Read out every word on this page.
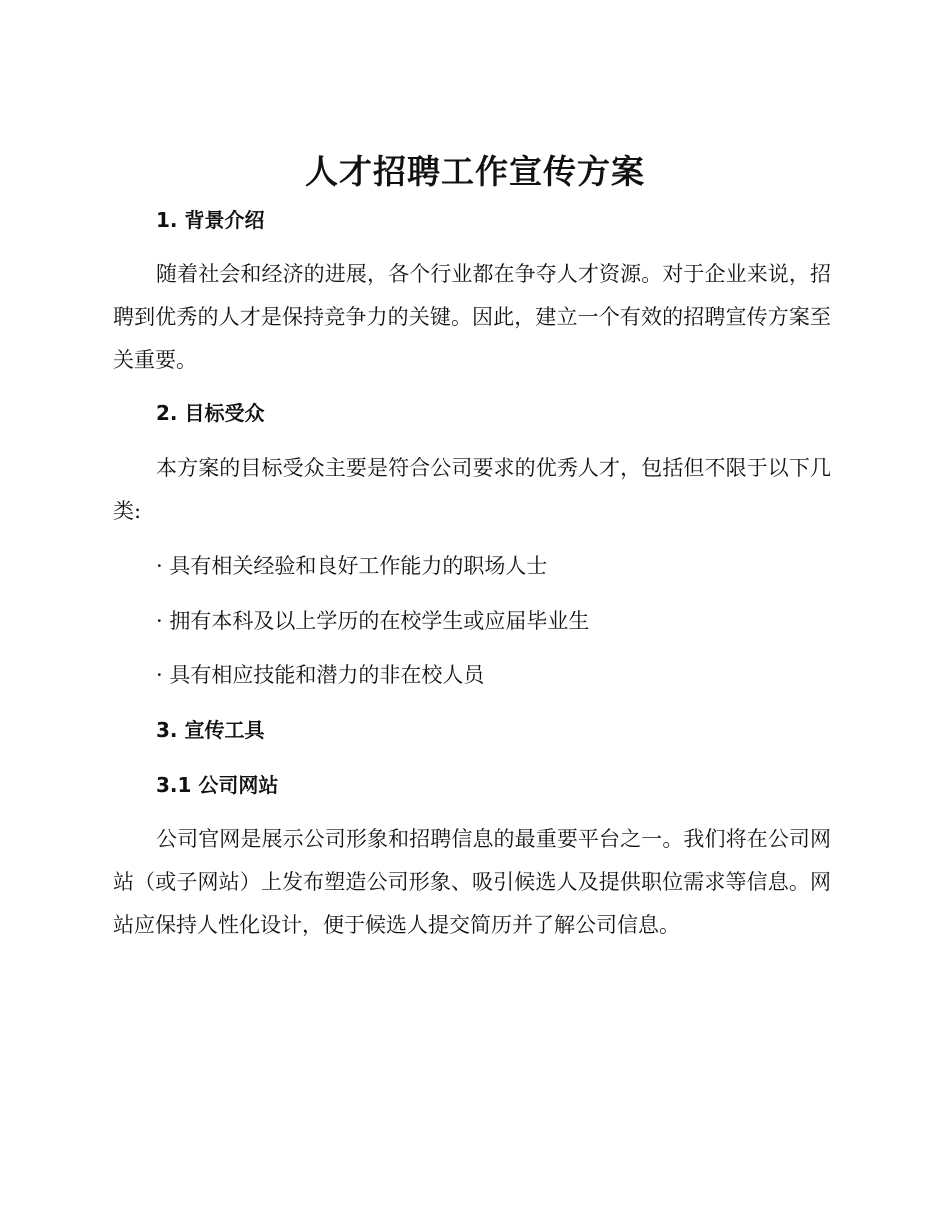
人才招聘工作宣传方案
1. 背景介绍

随着社会和经济的进展，各个行业都在争夺人才资源。对于企业来说，招聘到优秀的人才是保持竞争力的关键。因此，建立一个有效的招聘宣传方案至关重要。

2. 目标受众

本方案的目标受众主要是符合公司要求的优秀人才，包括但不限于以下几类:

· 具有相关经验和良好工作能力的职场人士
· 拥有本科及以上学历的在校学生或应届毕业生
· 具有相应技能和潜力的非在校人员
3. 宣传工具
3.1 公司网站

公司官网是展示公司形象和招聘信息的最重要平台之一。我们将在公司网站（或子网站）上发布塑造公司形象、吸引候选人及提供职位需求等信息。网站应保持人性化设计，便于候选人提交简历并了解公司信息。
